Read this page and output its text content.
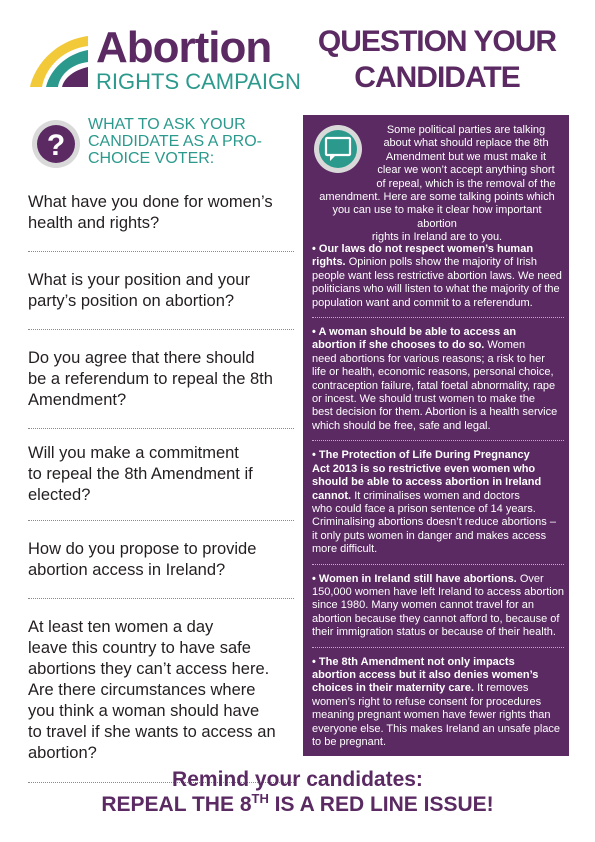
Abortion
RIGHTS CAMPAIGN
QUESTION YOUR
CANDIDATE
?

WHAT TO ASK YOUR
CANDIDATE AS A PRO-
CHOICE VOTER:

What have you done for women’s
health and rights?

What is your position and your
party’s position on abortion?

Do you agree that there should
be a referendum to repeal the 8th
Amendment?

Will you make a commitment
to repeal the 8th Amendment if
elected?

How do you propose to provide
abortion access in Ireland?

At least ten women a day
leave this country to have safe
abortions they can’t access here.
Are there circumstances where
you think a woman should have
to travel if she wants to access an
abortion?

Some political parties are talking
about what should replace the 8th
Amendment but we must make it
clear we won’t accept anything short
of repeal, which is the removal of the
amendment. Here are some talking points which
you can use to make it clear how important abortion
rights in Ireland are to you.

• Our laws do not respect women’s human
rights. Opinion polls show the majority of Irish
people want less restrictive abortion laws. We need
politicians who will listen to what the majority of the
population want and commit to a referendum.

• A woman should be able to access an
abortion if she chooses to do so. Women
need abortions for various reasons; a risk to her
life or health, economic reasons, personal choice,
contraception failure, fatal foetal abnormality, rape
or incest. We should trust women to make the
best decision for them. Abortion is a health service
which should be free, safe and legal.

• The Protection of Life During Pregnancy
Act 2013 is so restrictive even women who
should be able to access abortion in Ireland
cannot. It criminalises women and doctors
who could face a prison sentence of 14 years.
Criminalising abortions doesn’t reduce abortions –
it only puts women in danger and makes access
more difficult.

• Women in Ireland still have abortions. Over
150,000 women have left Ireland to access abortion
since 1980. Many women cannot travel for an
abortion because they cannot afford to, because of
their immigration status or because of their health.

• The 8th Amendment not only impacts
abortion access but it also denies women’s
choices in their maternity care. It removes
women’s right to refuse consent for procedures
meaning pregnant women have fewer rights than
everyone else. This makes Ireland an unsafe place
to be pregnant.

Remind your candidates:

REPEAL THE 8TH IS A RED LINE ISSUE!
